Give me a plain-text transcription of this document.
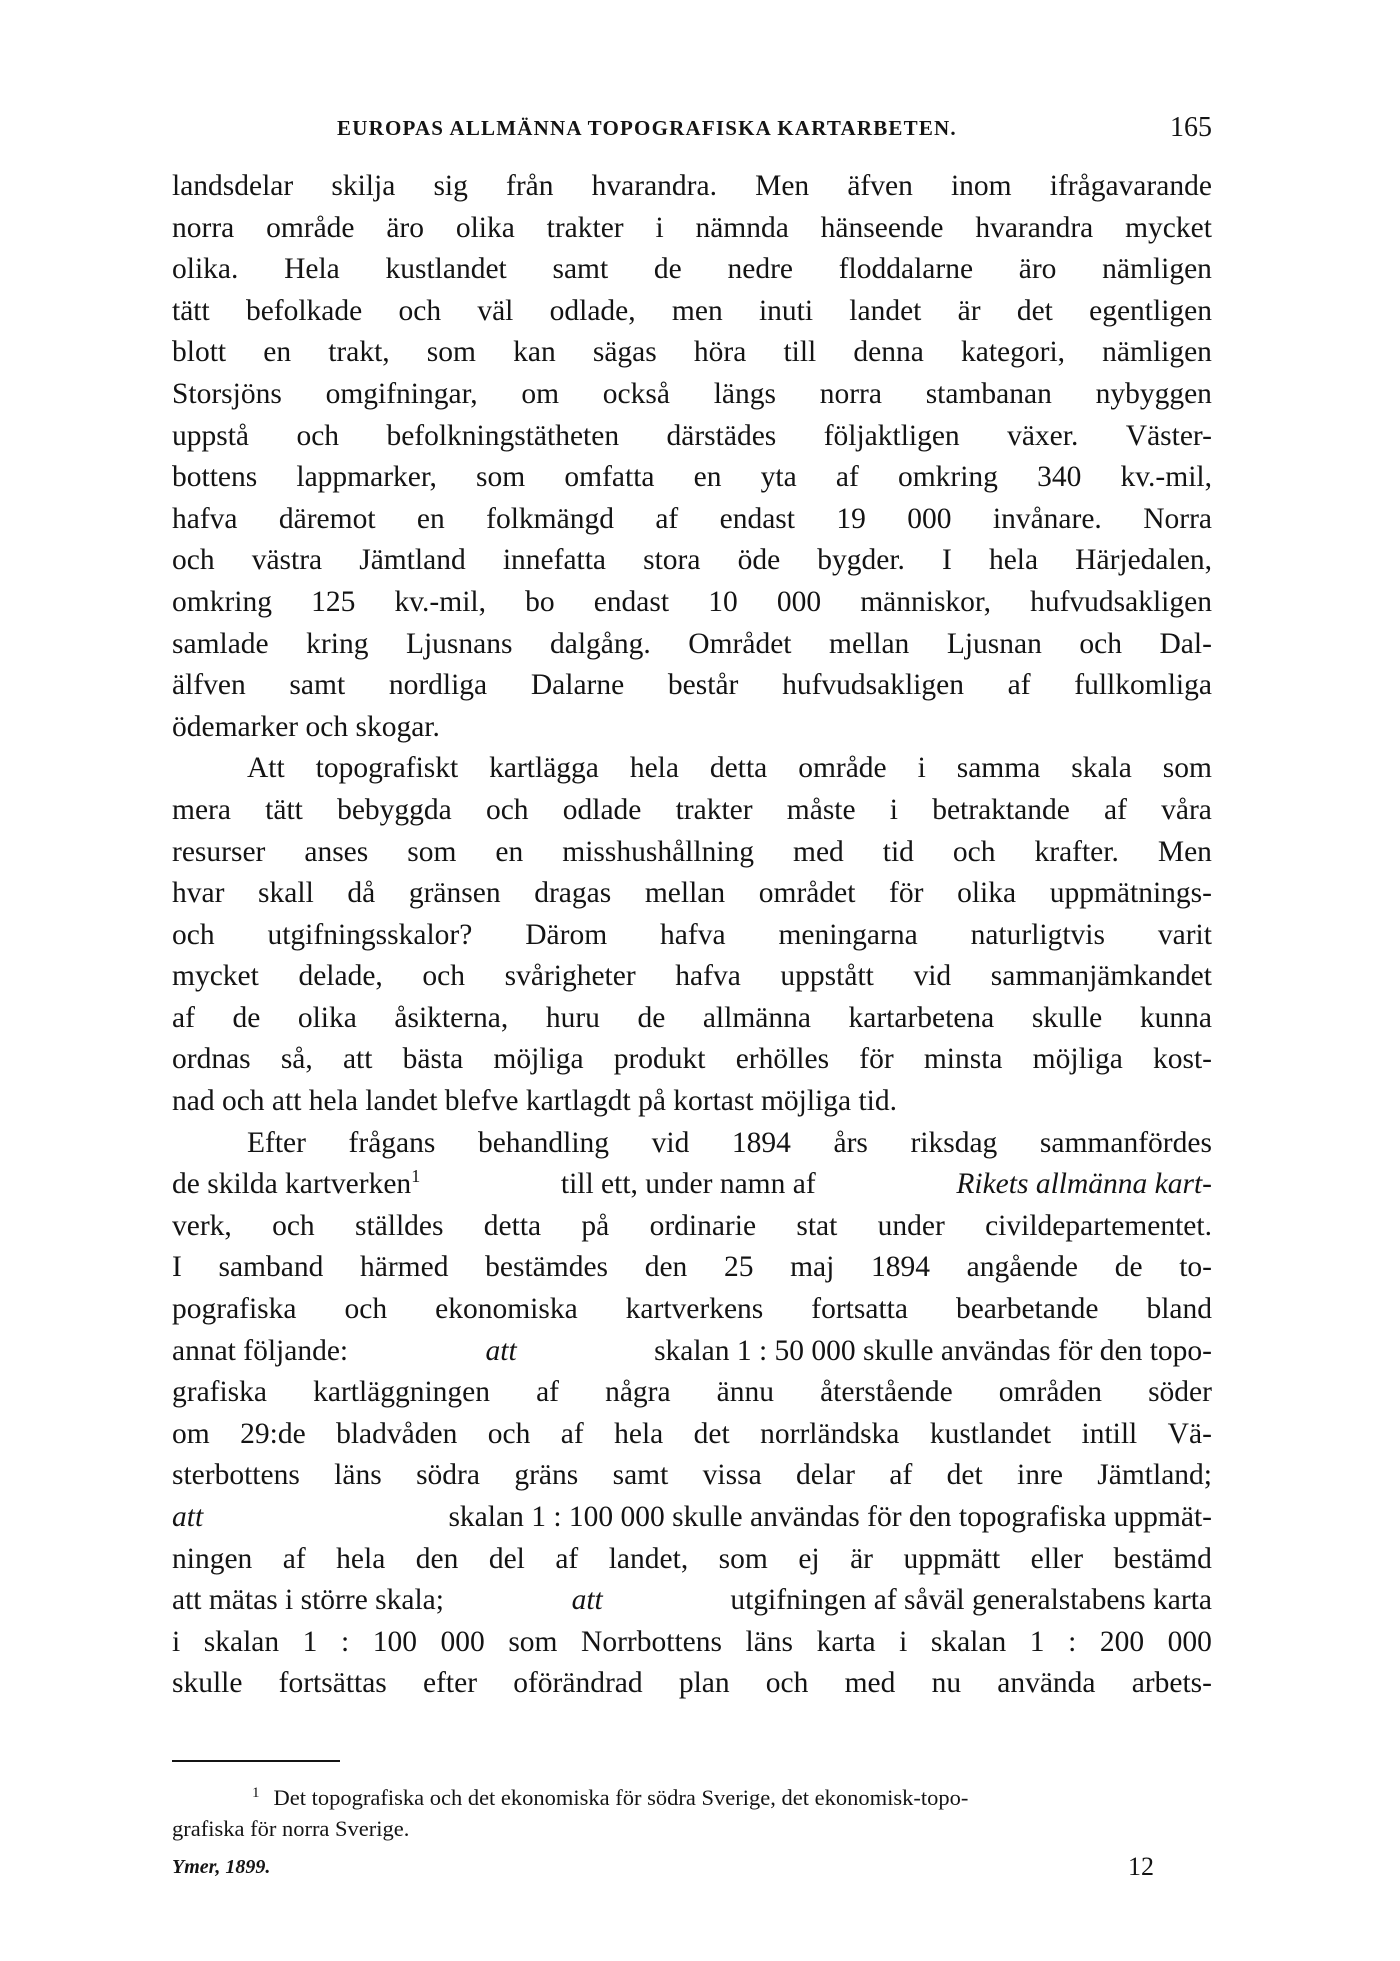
EUROPAS ALLMÄNNA TOPOGRAFISKA KARTARBETEN.	165
landsdelar skilja sig från hvarandra. Men äfven inom ifrågavarande
norra område äro olika trakter i nämnda hänseende hvarandra mycket
olika. Hela kustlandet samt de nedre floddalarne äro nämligen
tätt befolkade och väl odlade, men inuti landet är det egentligen
blott en trakt, som kan sägas höra till denna kategori, nämligen
Storsjöns omgifningar, om också längs norra stambanan nybyggen
uppstå och befolkningstätheten därstädes följaktligen växer. Väster-
bottens lappmarker, som omfatta en yta af omkring 340 kv.-mil,
hafva däremot en folkmängd af endast 19 000 invånare. Norra
och västra Jämtland innefatta stora öde bygder. I hela Härjedalen,
omkring 125 kv.-mil, bo endast 10 000 människor, hufvudsakligen
samlade kring Ljusnans dalgång. Området mellan Ljusnan och Dal-
älfven samt nordliga Dalarne består hufvudsakligen af fullkomliga
ödemarker och skogar.
Att topografiskt kartlägga hela detta område i samma skala som
mera tätt bebyggda och odlade trakter måste i betraktande af våra
resurser anses som en misshushållning med tid och krafter. Men
hvar skall då gränsen dragas mellan området för olika uppmätnings-
och utgifningsskalor? Därom hafva meningarna naturligtvis varit
mycket delade, och svårigheter hafva uppstått vid sammanjämkandet
af de olika åsikterna, huru de allmänna kartarbetena skulle kunna
ordnas så, att bästa möjliga produkt erhölles för minsta möjliga kost-
nad och att hela landet blefve kartlagdt på kortast möjliga tid.
Efter frågans behandling vid 1894 års riksdag sammanfördes
de skilda kartverken$^1$	till ett, under namn af	Rikets allmänna kart-
verk, och ställdes detta på ordinarie stat under civildepartementet.
I samband härmed bestämdes den 25 maj 1894 angående de to-
pografiska och ekonomiska kartverkens fortsatta bearbetande bland
annat följande:	att	skalan 1 : 50 000 skulle användas för den topo-
grafiska kartläggningen af några ännu återstående områden söder
om 29:de bladvåden och af hela det norrländska kustlandet intill Vä-
sterbottens läns södra gräns samt vissa delar af det inre Jämtland;
att	skalan 1 : 100 000 skulle användas för den topografiska uppmät-
ningen af hela den del af landet, som ej är uppmätt eller bestämd
att mätas i större skala;	att	utgifningen af såväl generalstabens karta
i skalan 1 : 100 000 som Norrbottens läns karta i skalan 1 : 200 000
skulle fortsättas efter oförändrad plan och med nu använda arbets-
$^1$ Det topografiska och det ekonomiska för södra Sverige, det ekonomisk-topo-
grafiska för norra Sverige.
Ymer, 1899.	12
